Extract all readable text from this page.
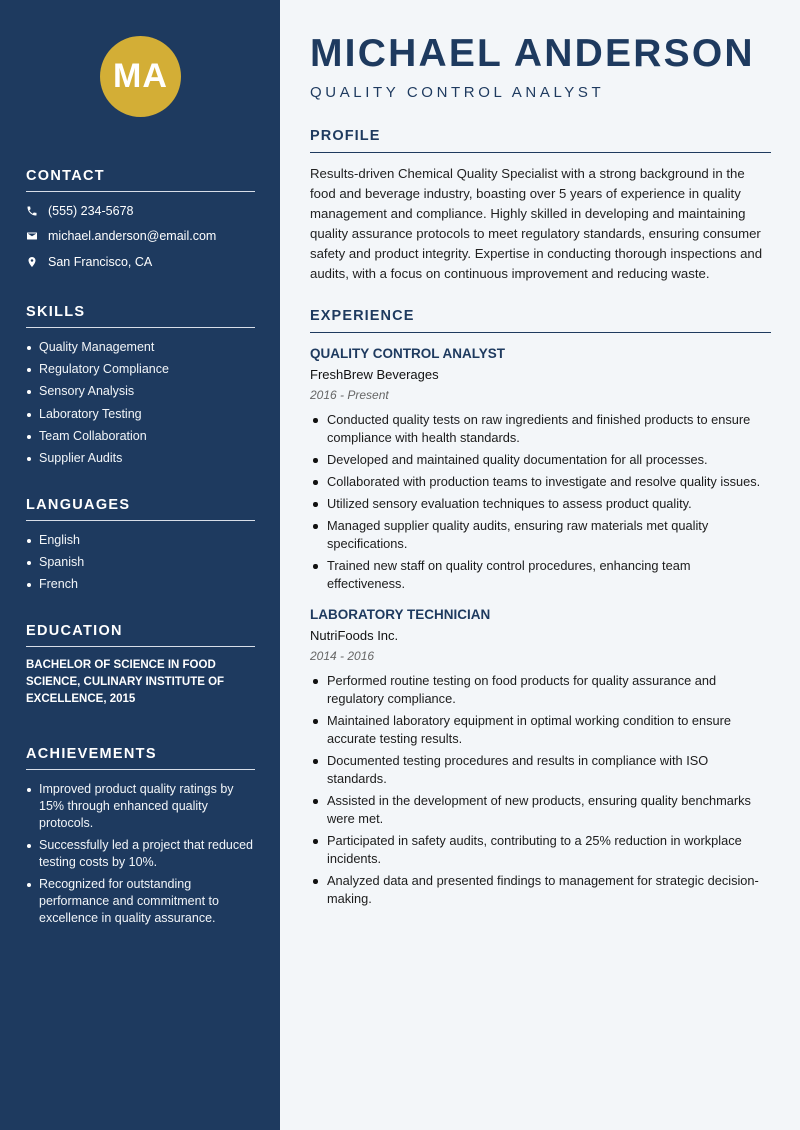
MA
CONTACT
(555) 234-5678
michael.anderson@email.com
San Francisco, CA
SKILLS
Quality Management
Regulatory Compliance
Sensory Analysis
Laboratory Testing
Team Collaboration
Supplier Audits
LANGUAGES
English
Spanish
French
EDUCATION

BACHELOR OF SCIENCE IN FOOD SCIENCE, CULINARY INSTITUTE OF EXCELLENCE, 2015

ACHIEVEMENTS
Improved product quality ratings by 15% through enhanced quality protocols.
Successfully led a project that reduced testing costs by 10%.
Recognized for outstanding performance and commitment to excellence in quality assurance.
MICHAEL ANDERSON
QUALITY CONTROL ANALYST
PROFILE

Results-driven Chemical Quality Specialist with a strong background in the food and beverage industry, boasting over 5 years of experience in quality management and compliance. Highly skilled in developing and maintaining quality assurance protocols to meet regulatory standards, ensuring consumer safety and product integrity. Expertise in conducting thorough inspections and audits, with a focus on continuous improvement and reducing waste.

EXPERIENCE
QUALITY CONTROL ANALYST
FreshBrew Beverages
2016 - Present
Conducted quality tests on raw ingredients and finished products to ensure compliance with health standards.
Developed and maintained quality documentation for all processes.
Collaborated with production teams to investigate and resolve quality issues.
Utilized sensory evaluation techniques to assess product quality.
Managed supplier quality audits, ensuring raw materials met quality specifications.
Trained new staff on quality control procedures, enhancing team effectiveness.
LABORATORY TECHNICIAN
NutriFoods Inc.
2014 - 2016
Performed routine testing on food products for quality assurance and regulatory compliance.
Maintained laboratory equipment in optimal working condition to ensure accurate testing results.
Documented testing procedures and results in compliance with ISO standards.
Assisted in the development of new products, ensuring quality benchmarks were met.
Participated in safety audits, contributing to a 25% reduction in workplace incidents.
Analyzed data and presented findings to management for strategic decision-making.
